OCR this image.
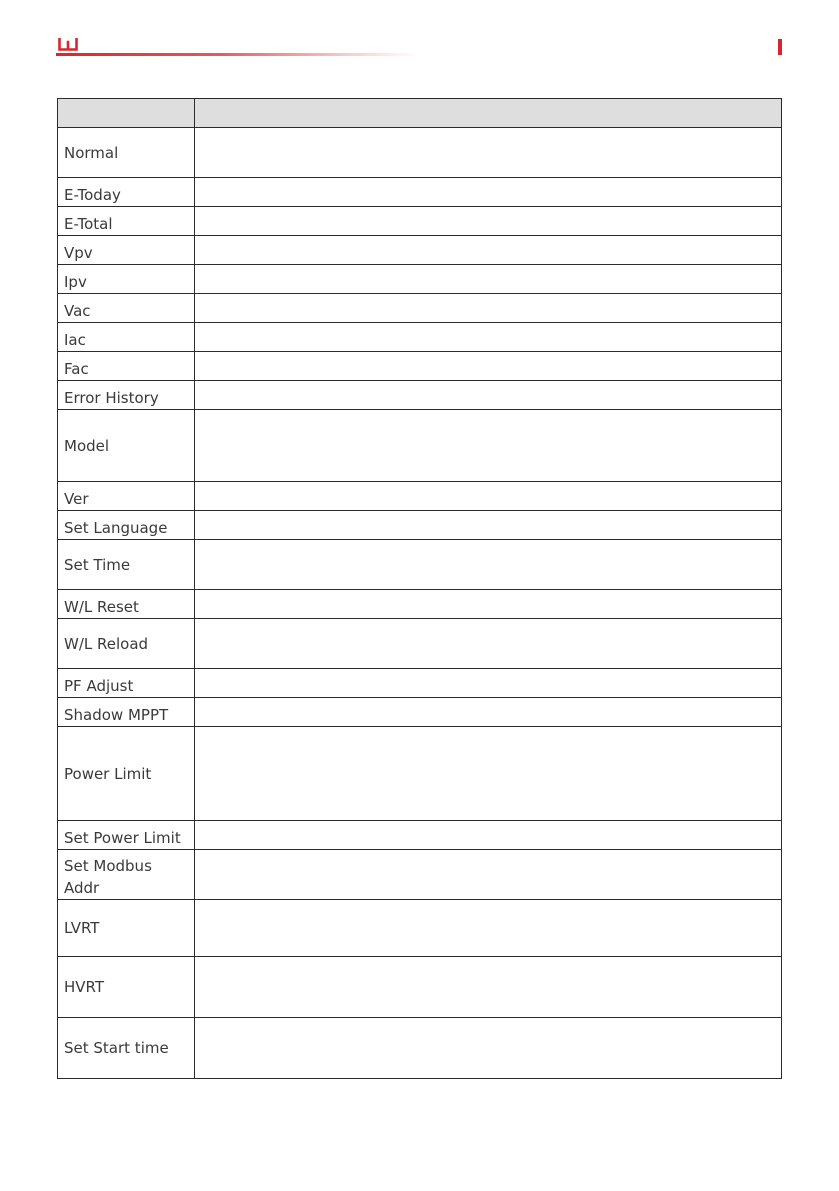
Normal	
E-Today	
E-Total	
Vpv	
Ipv	
Vac	
Iac	
Fac	
Error History	
Model	
Ver	
Set Language	
Set Time	
W/L Reset	
W/L Reload	
PF Adjust	
Shadow MPPT	
Power Limit	
Set Power Limit	
Set Modbus Addr	
LVRT	
HVRT	
Set Start time	
